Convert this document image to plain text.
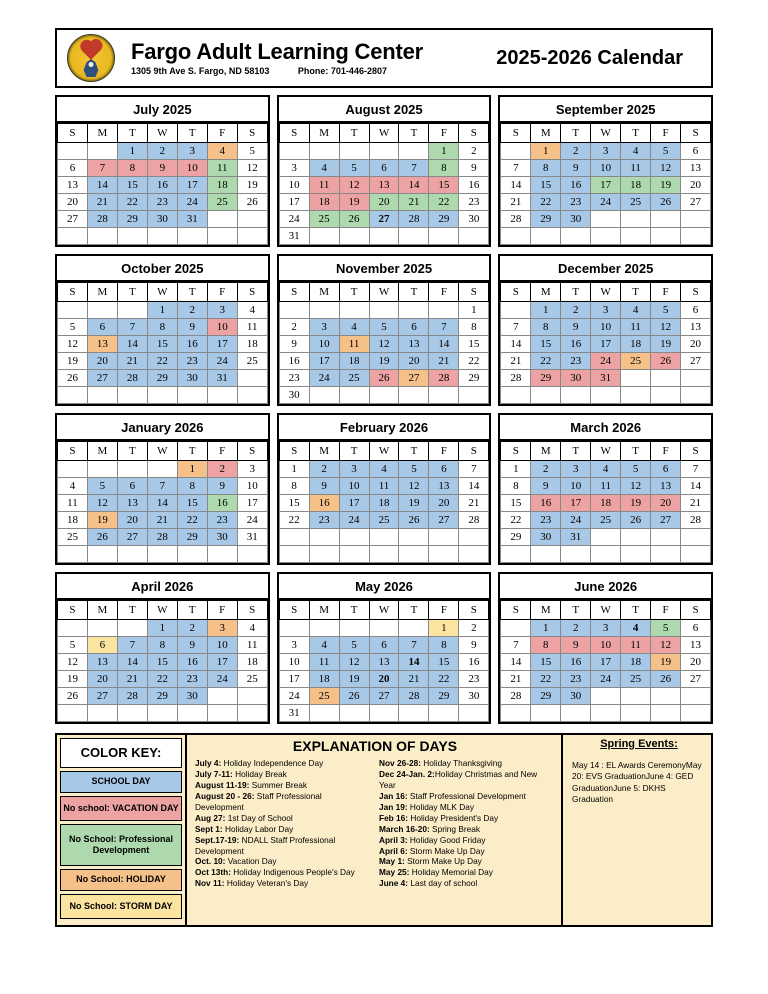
Fargo Adult Learning Center
1305 9th Ave S. Fargo, ND 58103	Phone: 701-446-2807
2025-2026 Calendar
July 2025
S	M	T	W	T	F	S
		1	2	3	4	5
6	7	8	9	10	11	12
13	14	15	16	17	18	19
20	21	22	23	24	25	26
27	28	29	30	31		

August 2025
S	M	T	W	T	F	S
					1	2
3	4	5	6	7	8	9
10	11	12	13	14	15	16
17	18	19	20	21	22	23
24	25	26	27	28	29	30
31						
September 2025
S	M	T	W	T	F	S
	1	2	3	4	5	6
7	8	9	10	11	12	13
14	15	16	17	18	19	20
21	22	23	24	25	26	27
28	29	30				

October 2025
S	M	T	W	T	F	S
			1	2	3	4
5	6	7	8	9	10	11
12	13	14	15	16	17	18
19	20	21	22	23	24	25
26	27	28	29	30	31	

November 2025
S	M	T	W	T	F	S
						1
2	3	4	5	6	7	8
9	10	11	12	13	14	15
16	17	18	19	20	21	22
23	24	25	26	27	28	29
30						
December 2025
S	M	T	W	T	F	S
	1	2	3	4	5	6
7	8	9	10	11	12	13
14	15	16	17	18	19	20
21	22	23	24	25	26	27
28	29	30	31			

January 2026
S	M	T	W	T	F	S
				1	2	3
4	5	6	7	8	9	10
11	12	13	14	15	16	17
18	19	20	21	22	23	24
25	26	27	28	29	30	31

February 2026
S	M	T	W	T	F	S
1	2	3	4	5	6	7
8	9	10	11	12	13	14
15	16	17	18	19	20	21
22	23	24	25	26	27	28

March 2026
S	M	T	W	T	F	S
1	2	3	4	5	6	7
8	9	10	11	12	13	14
15	16	17	18	19	20	21
22	23	24	25	26	27	28
29	30	31				

April 2026
S	M	T	W	T	F	S
			1	2	3	4
5	6	7	8	9	10	11
12	13	14	15	16	17	18
19	20	21	22	23	24	25
26	27	28	29	30		

May 2026
S	M	T	W	T	F	S
					1	2
3	4	5	6	7	8	9
10	11	12	13	14	15	16
17	18	19	20	21	22	23
24	25	26	27	28	29	30
31						
June 2026
S	M	T	W	T	F	S
	1	2	3	4	5	6
7	8	9	10	11	12	13
14	15	16	17	18	19	20
21	22	23	24	25	26	27
28	29	30				

COLOR KEY:
SCHOOL DAY
No school: VACATION DAY
No School: Professional Development
No School: HOLIDAY
No School: STORM DAY
EXPLANATION OF DAYS
July 4: Holiday Independence Day
July 7-11: Holiday Break
August 11-19: Summer Break
August 20 - 26: Staff Professional Development
Aug 27: 1st Day of School
Sept 1: Holiday Labor Day
Sept.17-19: NDALL Staff Professional Development
Oct. 10: Vacation Day
Oct 13th: Holiday Indigenous People's Day
Nov 11: Holiday Veteran's Day
Nov 26-28: Holiday Thanksgiving
Dec 24-Jan. 2:Holiday Christmas and New Year
Jan 16: Staff Professional Development
Jan 19: Holiday MLK Day
Feb 16: Holiday President's Day
March 16-20: Spring Break
April 3: Holiday Good Friday
April 6: Storm Make Up Day
May 1: Storm Make Up Day
May 25: Holiday Memorial Day
June 4: Last day of school
Spring Events:
May 14 : EL Awards CeremonyMay 20: EVS GraduationJune 4: GED GraduationJune 5: DKHS Graduation
